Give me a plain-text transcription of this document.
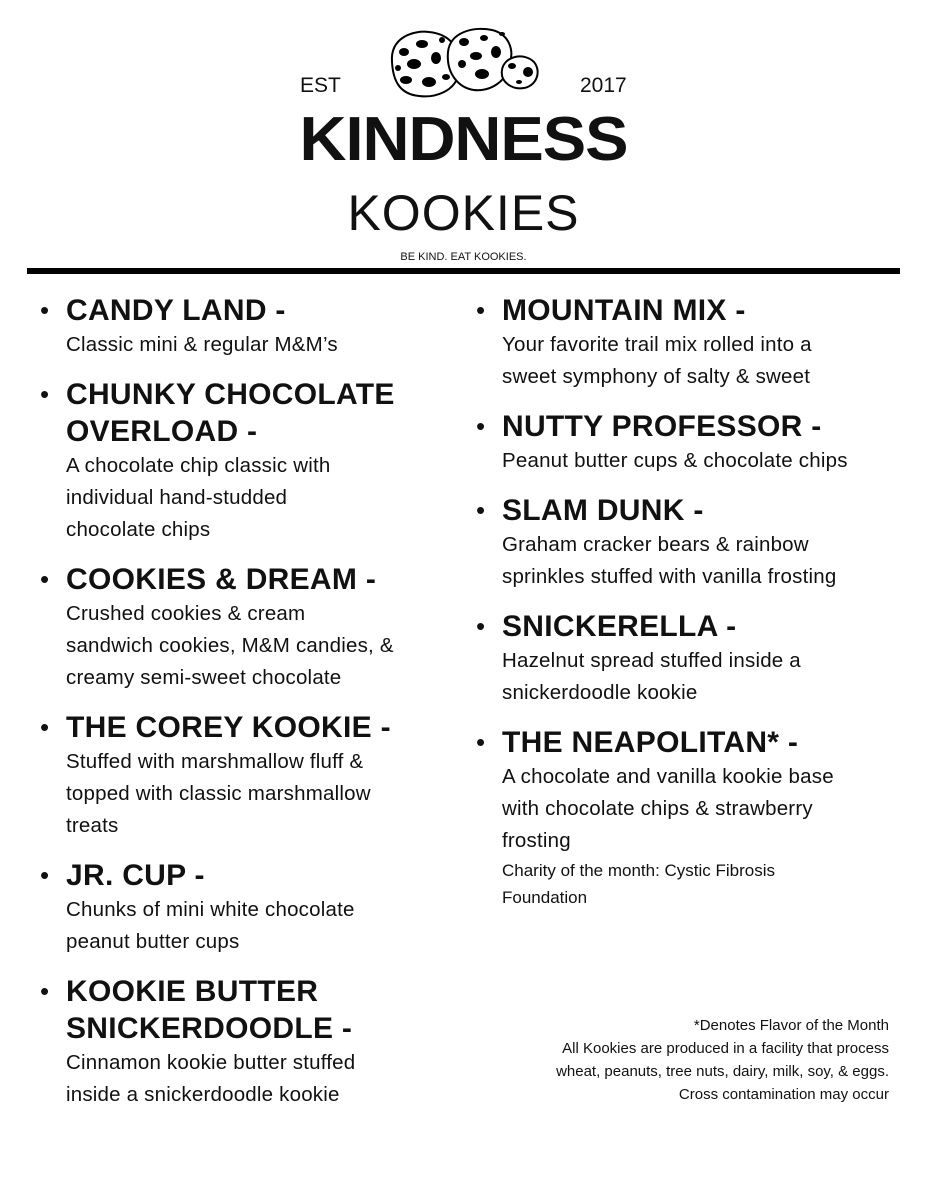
EST	2017
KINDNESS
KOOKIES
BE KIND. EAT KOOKIES.
• CANDY LAND -
Classic mini & regular M&M’s
• CHUNKY CHOCOLATE OVERLOAD -
A chocolate chip classic with
individual hand-studded
chocolate chips
• COOKIES & DREAM -
Crushed cookies & cream
sandwich cookies, M&M candies, &
creamy semi-sweet chocolate
• THE COREY KOOKIE -
Stuffed with marshmallow fluff &
topped with classic marshmallow
treats
• JR. CUP -
Chunks of mini white chocolate
peanut butter cups
• KOOKIE BUTTER SNICKERDOODLE -
Cinnamon kookie butter stuffed
inside a snickerdoodle kookie
• MOUNTAIN MIX -
Your favorite trail mix rolled into a
sweet symphony of salty & sweet
• NUTTY PROFESSOR -
Peanut butter cups & chocolate chips
• SLAM DUNK -
Graham cracker bears & rainbow
sprinkles stuffed with vanilla frosting
• SNICKERELLA -
Hazelnut spread stuffed inside a
snickerdoodle kookie
• THE NEAPOLITAN* -
A chocolate and vanilla kookie base
with chocolate chips & strawberry
frosting
Charity of the month: Cystic Fibrosis
Foundation
*Denotes Flavor of the Month
All Kookies are produced in a facility that process
wheat, peanuts, tree nuts, dairy, milk, soy, & eggs.
Cross contamination may occur
